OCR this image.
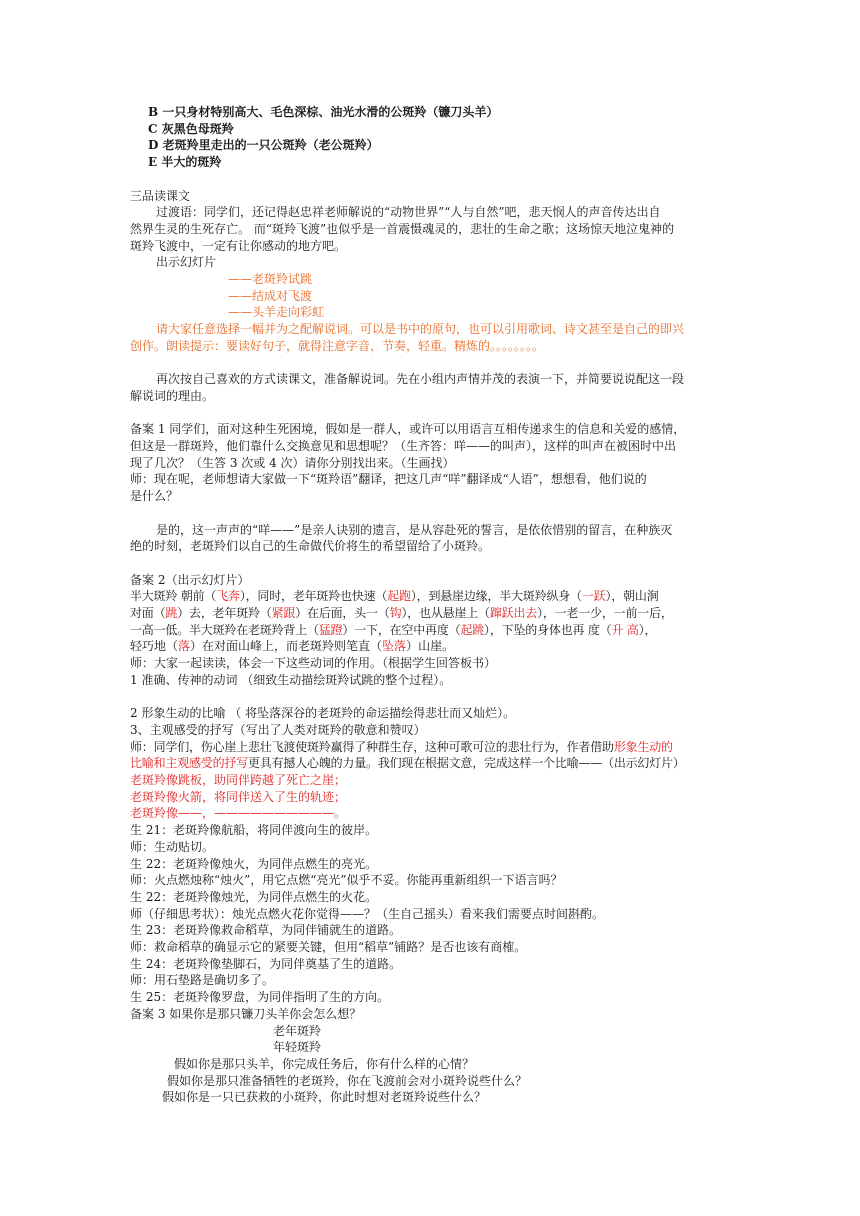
B 一只身材特别高大、毛色深棕、油光水滑的公斑羚（镰刀头羊）
C 灰黑色母斑羚
D 老斑羚里走出的一只公斑羚（老公斑羚）
E 半大的斑羚
三品读课文
过渡语：同学们，还记得赵忠祥老师解说的“动物世界”“人与自然”吧，悲天悯人的声音传达出自
然界生灵的生死存亡。 而“斑羚飞渡”也似乎是一首震慑魂灵的，悲壮的生命之歌；这场惊天地泣鬼神的
斑羚飞渡中，一定有让你感动的地方吧。
出示幻灯片
——老斑羚试跳
——结成对飞渡
——头羊走向彩虹
请大家任意选择一幅并为之配解说词。可以是书中的原句，也可以引用歌词、诗文甚至是自己的即兴
创作。朗读提示：要读好句子，就得注意字音，节奏，轻重。精炼的。。。。。。。。
再次按自己喜欢的方式读课文，准备解说词。先在小组内声情并茂的表演一下，并简要说说配这一段
解说词的理由。
备案 1 同学们，面对这种生死困境，假如是一群人，或许可以用语言互相传递求生的信息和关爱的感情，
但这是一群斑羚，他们靠什么交换意见和思想呢？（生齐答：咩——的叫声），这样的叫声在被困时中出
现了几次？（生答 3 次或 4 次）请你分别找出来。（生画找）
师：现在呢，老师想请大家做一下“斑羚语”翻译，把这几声“咩”翻译成“人语”，想想看，他们说的
是什么？
是的，这一声声的“咩——”是亲人诀别的遗言，是从容赴死的誓言，是依依惜别的留言，在种族灭
绝的时刻，老斑羚们以自己的生命做代价将生的希望留给了小斑羚。
备案 2（出示幻灯片）
半大斑羚 朝前（飞奔），同时，老年斑羚也快速（起跑），到悬崖边缘，半大斑羚纵身（一跃），朝山涧
对面（跳）去，老年斑羚（紧跟）在后面，头一（钩），也从悬崖上（蹿跃出去），一老一少，一前一后，
一高一低。半大斑羚在老斑羚背上（猛蹬）一下，在空中再度（起跳），下坠的身体也再 度（升 高），
轻巧地（落）在对面山峰上，而老斑羚则笔直（坠落）山崖。
师：大家一起读读，体会一下这些动词的作用。（根据学生回答板书）
1 准确、传神的动词 （细致生动描绘斑羚试跳的整个过程）。
2 形象生动的比喻 （ 将坠落深谷的老斑羚的命运描绘得悲壮而又灿烂）。
3、主观感受的抒写（写出了人类对斑羚的敬意和赞叹）
师：同学们，伤心崖上悲壮飞渡使斑羚赢得了种群生存，这种可歌可泣的悲壮行为，作者借助形象生动的
比喻和主观感受的抒写更具有撼人心魄的力量。我们现在根据文意，完成这样一个比喻——（出示幻灯片）
老斑羚像跳板，助同伴跨越了死亡之崖；
老斑羚像火箭，将同伴送入了生的轨迹；
老斑羚像——，——————————。
生 21：老斑羚像航船，将同伴渡向生的彼岸。
师：生动贴切。
生 22：老斑羚像烛火，为同伴点燃生的亮光。
师：火点燃烛称“烛火”，用它点燃“亮光”似乎不妥。你能再重新组织一下语言吗？
生 22：老斑羚像烛光，为同伴点燃生的火花。
师（仔细思考状）：烛光点燃火花你觉得——？（生自己摇头）看来我们需要点时间斟酌。
生 23：老斑羚像救命稻草，为同伴铺就生的道路。
师：救命稻草的确显示它的紧要关键，但用“稻草”铺路？是否也该有商榷。
生 24：老斑羚像垫脚石，为同伴奠基了生的道路。
师：用石垫路是确切多了。
生 25：老斑羚像罗盘，为同伴指明了生的方向。
备案 3 如果你是那只镰刀头羊你会怎么想？
老年斑羚
年轻斑羚
假如你是那只头羊，你完成任务后，你有什么样的心情？
假如你是那只准备牺牲的老斑羚，你在飞渡前会对小斑羚说些什么？
假如你是一只已获救的小斑羚，你此时想对老斑羚说些什么？
